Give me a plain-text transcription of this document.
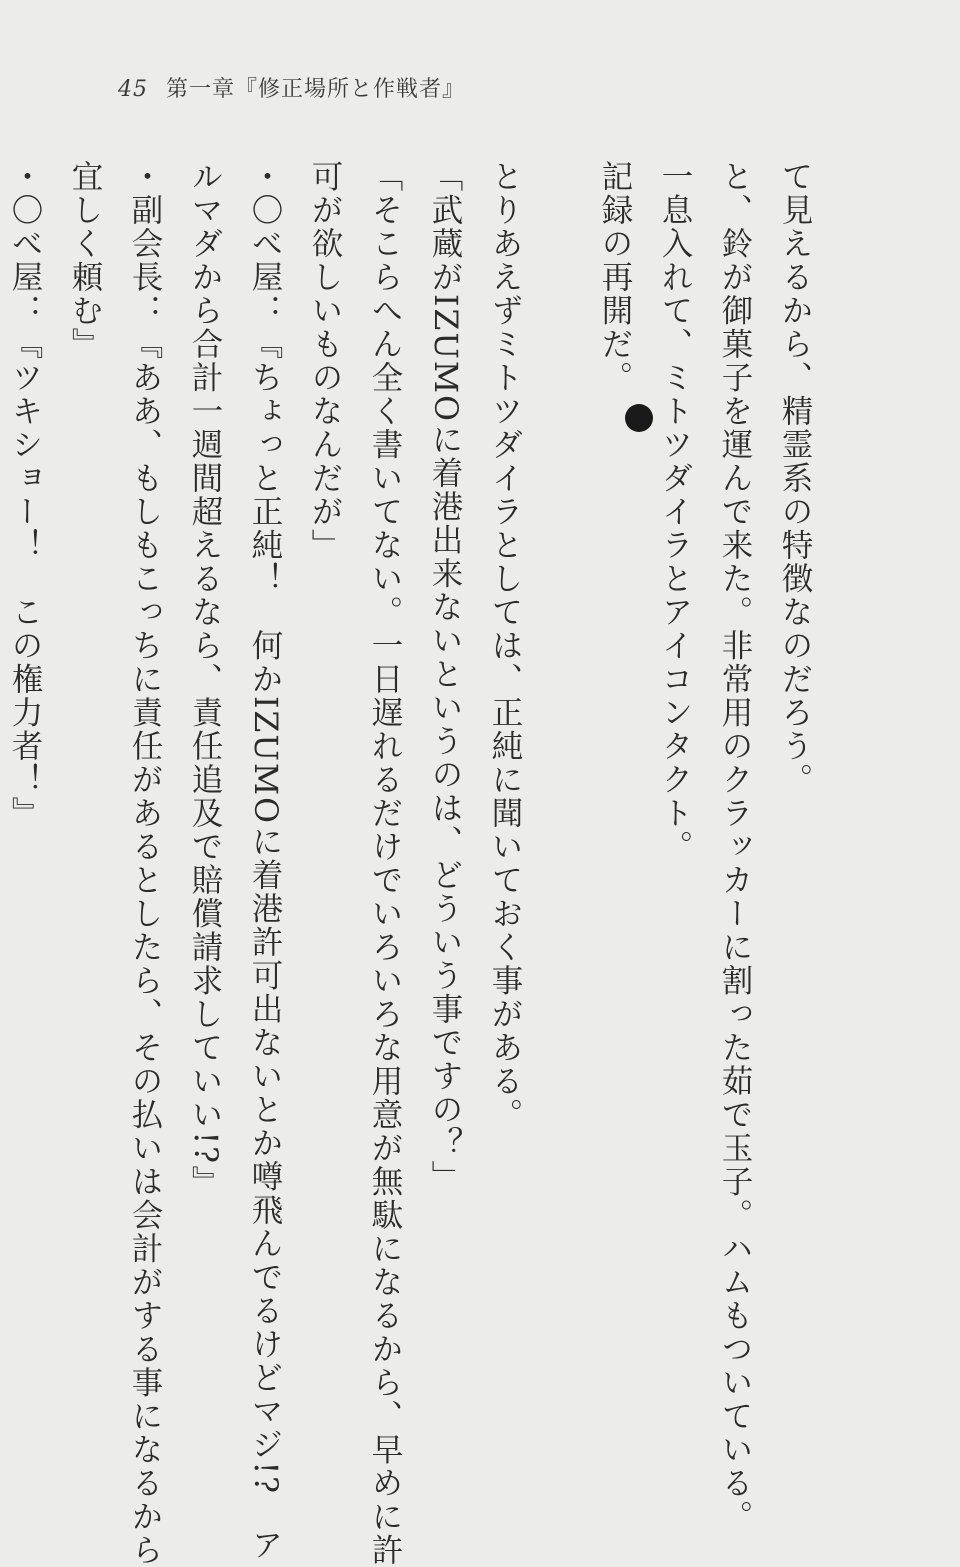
45 第一章『修正場所と作戦者』
て見えるから、精霊系の特徴なのだろう。
と、鈴が御菓子を運んで来た。非常用のクラッカーに割った茹で玉子。ハムもついている。
一息入れて、ミトツダイラとアイコンタクト。
記録の再開だ。
とりあえずミトツダイラとしては、正純に聞いておく事がある。
「武蔵がIZUMOに着港出来ないというのは、どういう事ですの？」
「そこらへん全く書いてない。一日遅れるだけでいろいろな用意が無駄になるから、早めに許
可が欲しいものなんだが」
・〇べ屋：『ちょっと正純！　何かIZUMOに着港許可出ないとか噂飛んでるけどマジ!?　ア
ルマダから合計一週間超えるなら、責任追及で賠償請求していい!?』
・副会長：『ああ、もしもこっちに責任があるとしたら、その払いは会計がする事になるから
宜しく頼む』
・〇べ屋：『ツキショー！　この権力者！』
